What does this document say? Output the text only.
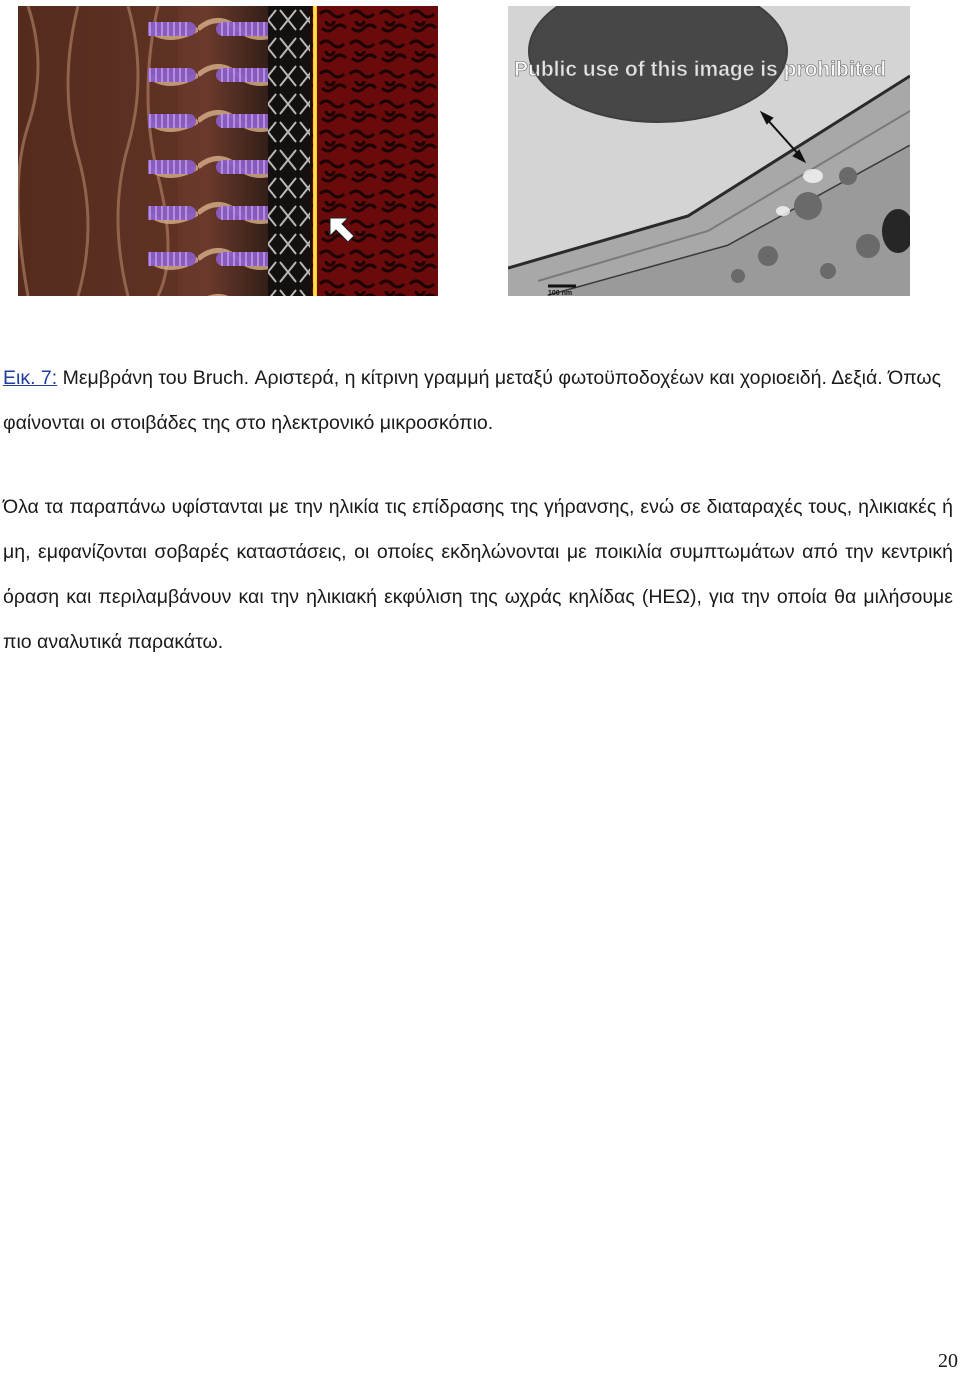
Public use of this image is prohibited
100 nm
Εικ. 7: Μεμβράνη του Bruch. Αριστερά, η κίτρινη γραμμή μεταξύ φωτοϋποδοχέων και χοριοειδή. Δεξιά. Όπως φαίνονται οι στοιβάδες της στο ηλεκτρονικό μικροσκόπιο.
Όλα τα παραπάνω υφίστανται με την ηλικία τις επίδρασης της γήρανσης, ενώ σε διαταραχές τους, ηλικιακές ή μη, εμφανίζονται σοβαρές καταστάσεις, οι οποίες εκδηλώνονται με ποικιλία συμπτωμάτων από την κεντρική όραση και περιλαμβάνουν και την ηλικιακή εκφύλιση της ωχράς κηλίδας (ΗΕΩ), για την οποία θα μιλήσουμε πιο αναλυτικά παρακάτω.
20
